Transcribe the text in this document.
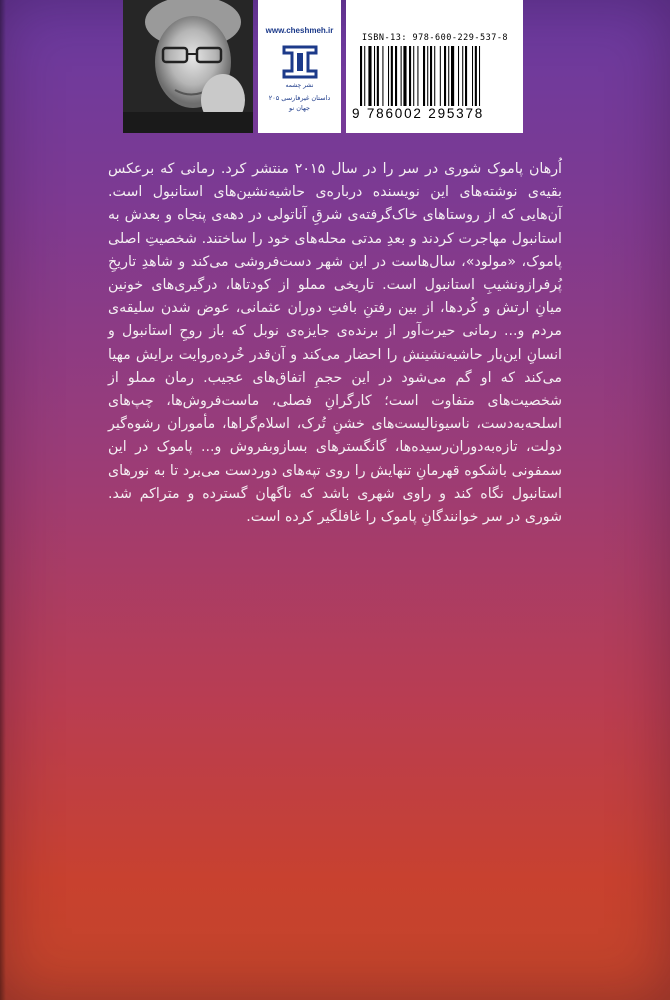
www.cheshmeh.ir
نشر چشمه
داستان غیرفارسی ۲۰۵
جهان نو
ISBN-13: 978-600-229-537-8
9 786002 295378

اُرهان پاموک شوری در سر را در سال ۲۰۱۵ منتشر کرد. رمانی که برعکس بقیه‌ی نوشته‌های این نویسنده درباره‌ی حاشیه‌نشین‌های استانبول است. آن‌هایی که از روستاهای خاک‌گرفته‌ی شرقِ آناتولی در دهه‌ی پنجاه و بعدش به استانبول مهاجرت کردند و بعدِ مدتی محله‌های خود را ساختند. شخصیتِ اصلی پاموک، «مولود»، سال‌هاست در این شهر دست‌فروشی می‌کند و شاهدِ تاریخِ پُرفرازونشیبِ استانبول است. تاریخی مملو از کودتاها، درگیری‌های خونین میانِ ارتش و کُردها، از بین رفتنِ بافتِ دوران عثمانی، عوض شدن سلیقه‌ی مردم و... رمانی حیرت‌آور از برنده‌ی جایزه‌ی نوبل که باز روحِ استانبول و انسانِ این‌بار حاشیه‌نشینش را احضار می‌کند و آن‌قدر خُرده‌روایت برایش مهیا می‌کند که او گم می‌شود در این حجمِ اتفاق‌های عجیب. رمان مملو از شخصیت‌های متفاوت است؛ کارگرانِ فصلی، ماست‌فروش‌ها، چپ‌های اسلحه‌به‌دست، ناسیونالیست‌های خشنِ تُرک، اسلام‌گراها، مأموران رشوه‌گیر دولت، تازه‌به‌دوران‌رسیده‌ها، گانگسترهای بسازوبفروش و... پاموک در این سمفونی باشکوه قهرمانِ تنهایش را روی تپه‌های دوردست می‌برد تا به نورهای استانبول نگاه کند و راوی شهری باشد که ناگهان گسترده و متراکم شد. شوری در سر خوانندگانِ پاموک را غافلگیر کرده است.
